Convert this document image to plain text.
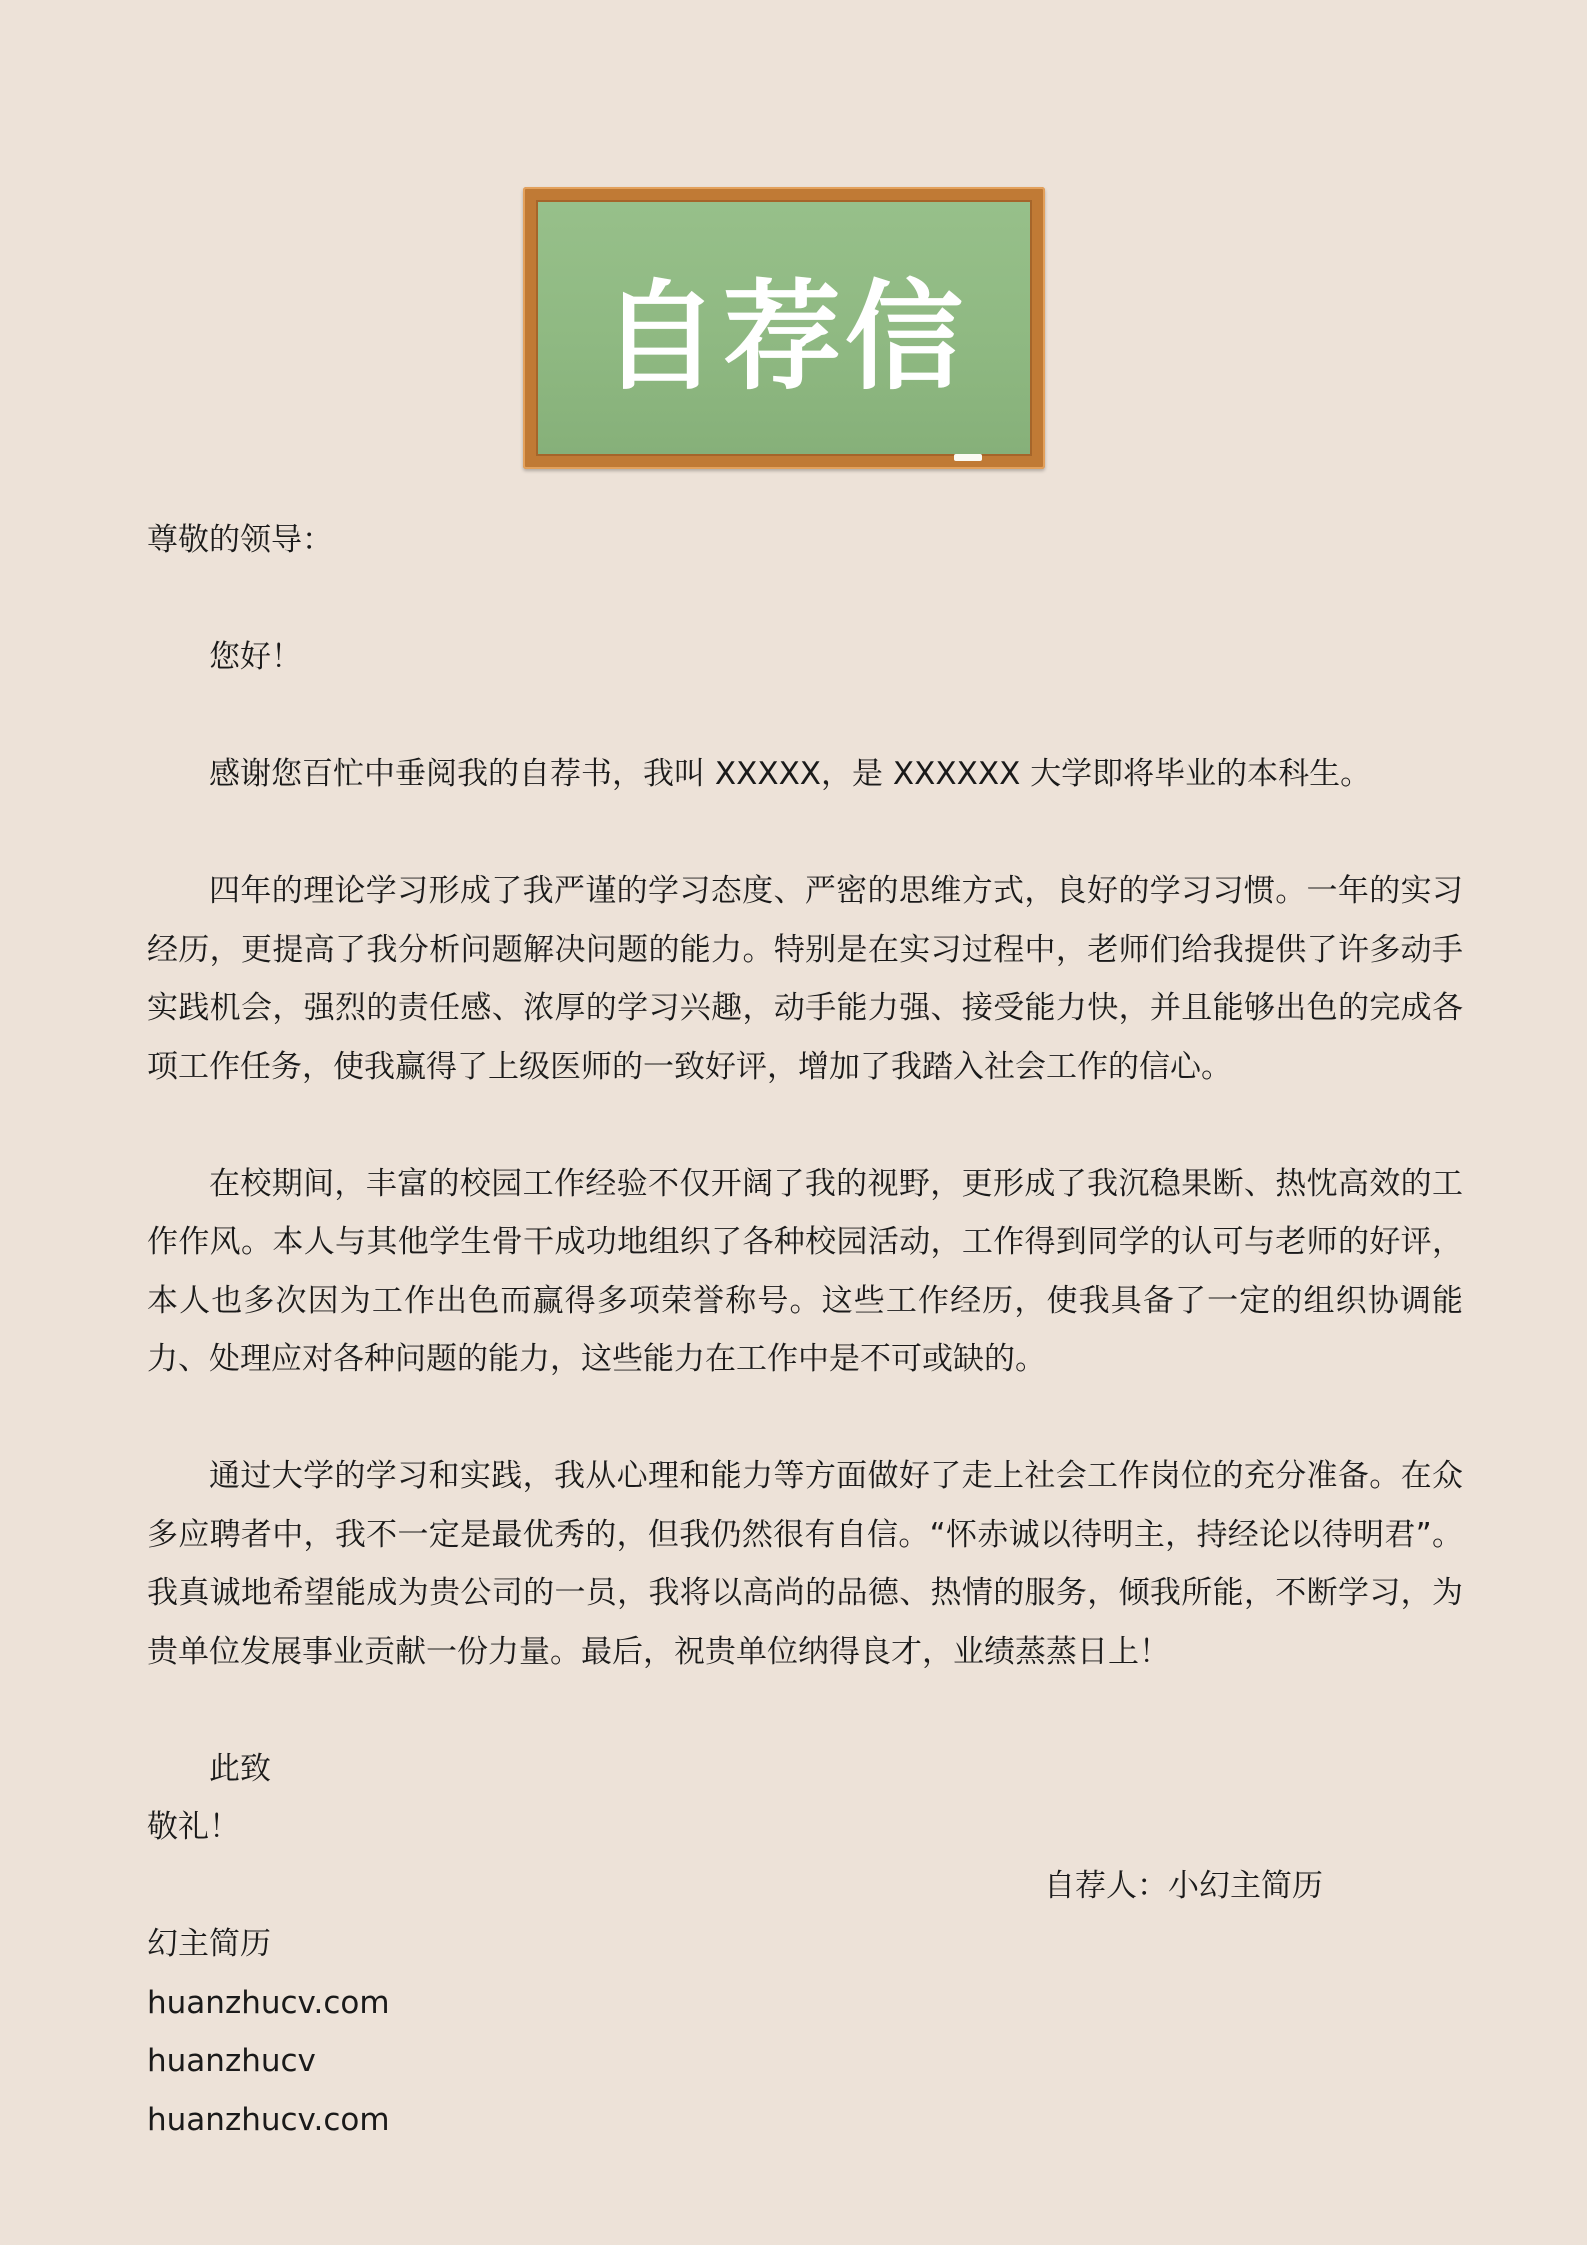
自荐信
尊敬的领导：
您好！
感谢您百忙中垂阅我的自荐书，我叫 XXXXX，是 XXXXXX 大学即将毕业的本科生。
四年的理论学习形成了我严谨的学习态度、严密的思维方式，良好的学习习惯。一年的实习经历，更提高了我分析问题解决问题的能力。特别是在实习过程中，老师们给我提供了许多动手实践机会，强烈的责任感、浓厚的学习兴趣，动手能力强、接受能力快，并且能够出色的完成各项工作任务，使我赢得了上级医师的一致好评，增加了我踏入社会工作的信心。
在校期间，丰富的校园工作经验不仅开阔了我的视野，更形成了我沉稳果断、热忱高效的工作作风。本人与其他学生骨干成功地组织了各种校园活动，工作得到同学的认可与老师的好评，本人也多次因为工作出色而赢得多项荣誉称号。这些工作经历，使我具备了一定的组织协调能力、处理应对各种问题的能力，这些能力在工作中是不可或缺的。
通过大学的学习和实践，我从心理和能力等方面做好了走上社会工作岗位的充分准备。在众多应聘者中，我不一定是最优秀的，但我仍然很有自信。“怀赤诚以待明主，持经论以待明君”。我真诚地希望能成为贵公司的一员，我将以高尚的品德、热情的服务，倾我所能，不断学习，为贵单位发展事业贡献一份力量。最后，祝贵单位纳得良才，业绩蒸蒸日上！
此致
敬礼！
自荐人：小幻主简历
幻主简历
huanzhucv.com
huanzhucv
huanzhucv.com
